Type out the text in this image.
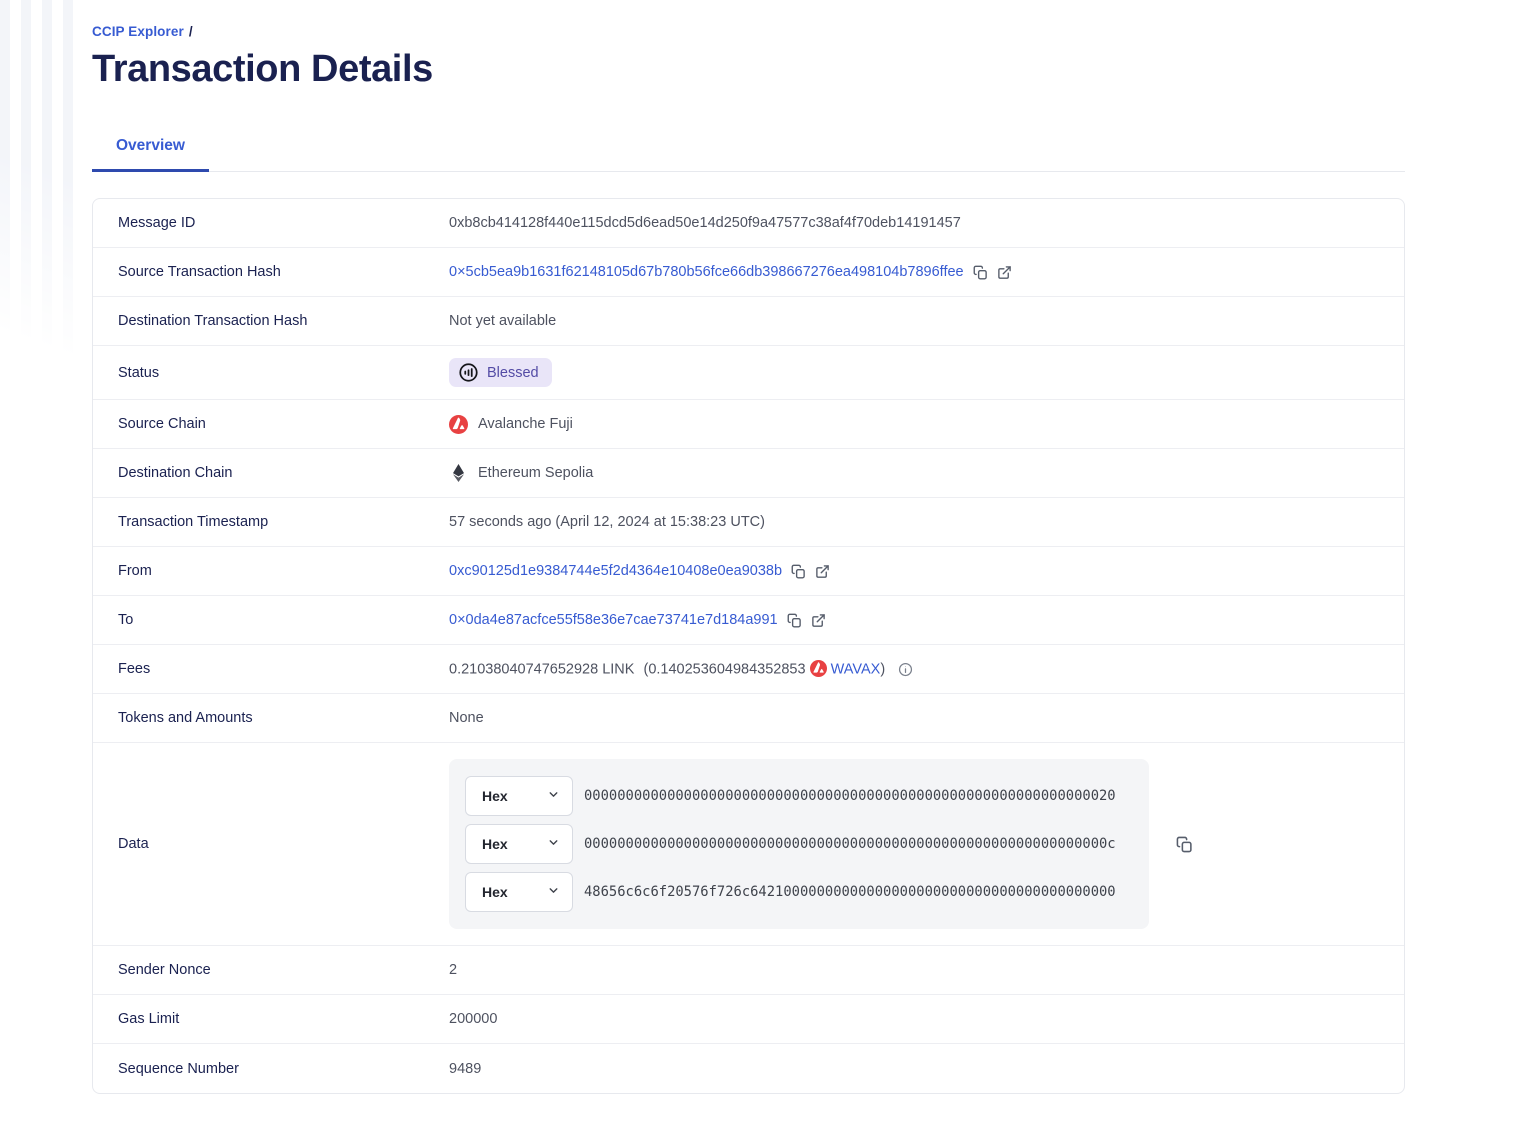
CCIP Explorer /
Transaction Details
Overview
Message ID	0xb8cb414128f440e115dcd5d6ead50e14d250f9a47577c38af4f70deb14191457
Source Transaction Hash	0×5cb5ea9b1631f62148105d67b780b56fce66db398667276ea498104b7896ffee
Destination Transaction Hash	Not yet available
Status	Blessed
Source Chain	Avalanche Fuji
Destination Chain	Ethereum Sepolia
Transaction Timestamp	57 seconds ago (April 12, 2024 at 15:38:23 UTC)
From	0xc90125d1e9384744e5f2d4364e10408e0ea9038b
To	0×0da4e87acfce55f58e36e7cae73741e7d184a991
Fees	0.21038040747652928 LINK (0.140253604984352853 WAVAX)
Tokens and Amounts	None
Data
Hex	0000000000000000000000000000000000000000000000000000000000000020
Hex	000000000000000000000000000000000000000000000000000000000000000c
Hex	48656c6c6f20576f726c64210000000000000000000000000000000000000000
Sender Nonce	2
Gas Limit	200000
Sequence Number	9489
